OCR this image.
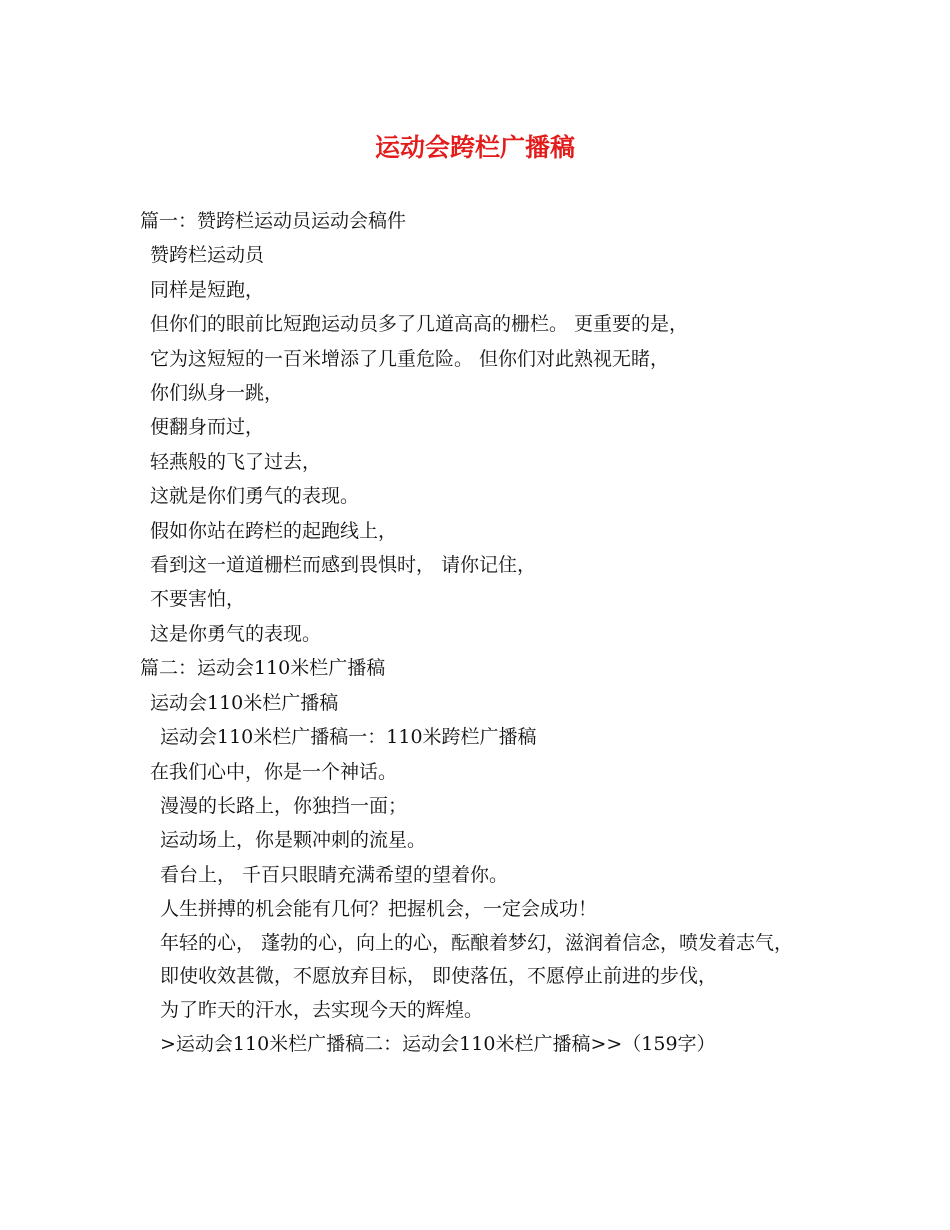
运动会跨栏广播稿
篇一：赞跨栏运动员运动会稿件
赞跨栏运动员
同样是短跑，
但你们的眼前比短跑运动员多了几道高高的栅栏。 更重要的是，
它为这短短的一百米增添了几重危险。 但你们对此熟视无睹，
你们纵身一跳，
便翻身而过，
轻燕般的飞了过去，
这就是你们勇气的表现。
假如你站在跨栏的起跑线上，
看到这一道道栅栏而感到畏惧时， 请你记住，
不要害怕，
这是你勇气的表现。
篇二：运动会110米栏广播稿
运动会110米栏广播稿
运动会110米栏广播稿一：110米跨栏广播稿
在我们心中，你是一个神话。
漫漫的长路上，你独挡一面；
运动场上，你是颗冲刺的流星。
看台上， 千百只眼睛充满希望的望着你。
人生拼搏的机会能有几何？把握机会，一定会成功！
年轻的心， 蓬勃的心，向上的心，酝酿着梦幻，滋润着信念，喷发着志气，
即使收效甚微，不愿放弃目标， 即使落伍，不愿停止前进的步伐，
为了昨天的汗水，去实现今天的辉煌。
>运动会110米栏广播稿二：运动会110米栏广播稿>>（159字）
